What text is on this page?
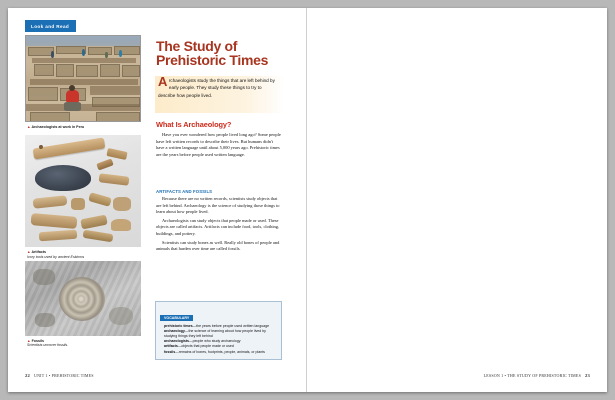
Look and Read
▲ Archaeologists at work in Peru
▲ Artifacts
Ivory tools used by ancient Eskimos
▲ Fossils
Scientists uncover fossils.
The Study of
Prehistoric Times
Archaeologists study the things that are left behind by early people. They study these things to try to describe how people lived.
What Is Archaeology?

Have you ever wondered how people lived long ago? Some people have left written records to describe their lives. But humans didn't have a written language until about 5,000 years ago. Prehistoric times are the years before people used written language.

ARTIFACTS AND FOSSILS

Because there are no written records, scientists study objects that are left behind. Archaeology is the science of studying those things to learn about how people lived.

Archaeologists can study objects that people made or used. These objects are called artifacts. Artifacts can include food, tools, clothing, buildings, and pottery.

Scientists can study bones as well. Really old bones of people and animals that harden over time are called fossils.

VOCABULARY
prehistoric times—the years before people used written language
archaeology—the science of learning about how people lived by studying things they left behind
archaeologists—people who study archaeology
artifacts—objects that people made or used
fossils—remains of bones, footprints, people, animals, or plants
22 UNIT 1 • PREHISTORIC TIMES	LESSON 1 • THE STUDY OF PREHISTORIC TIMES 23
